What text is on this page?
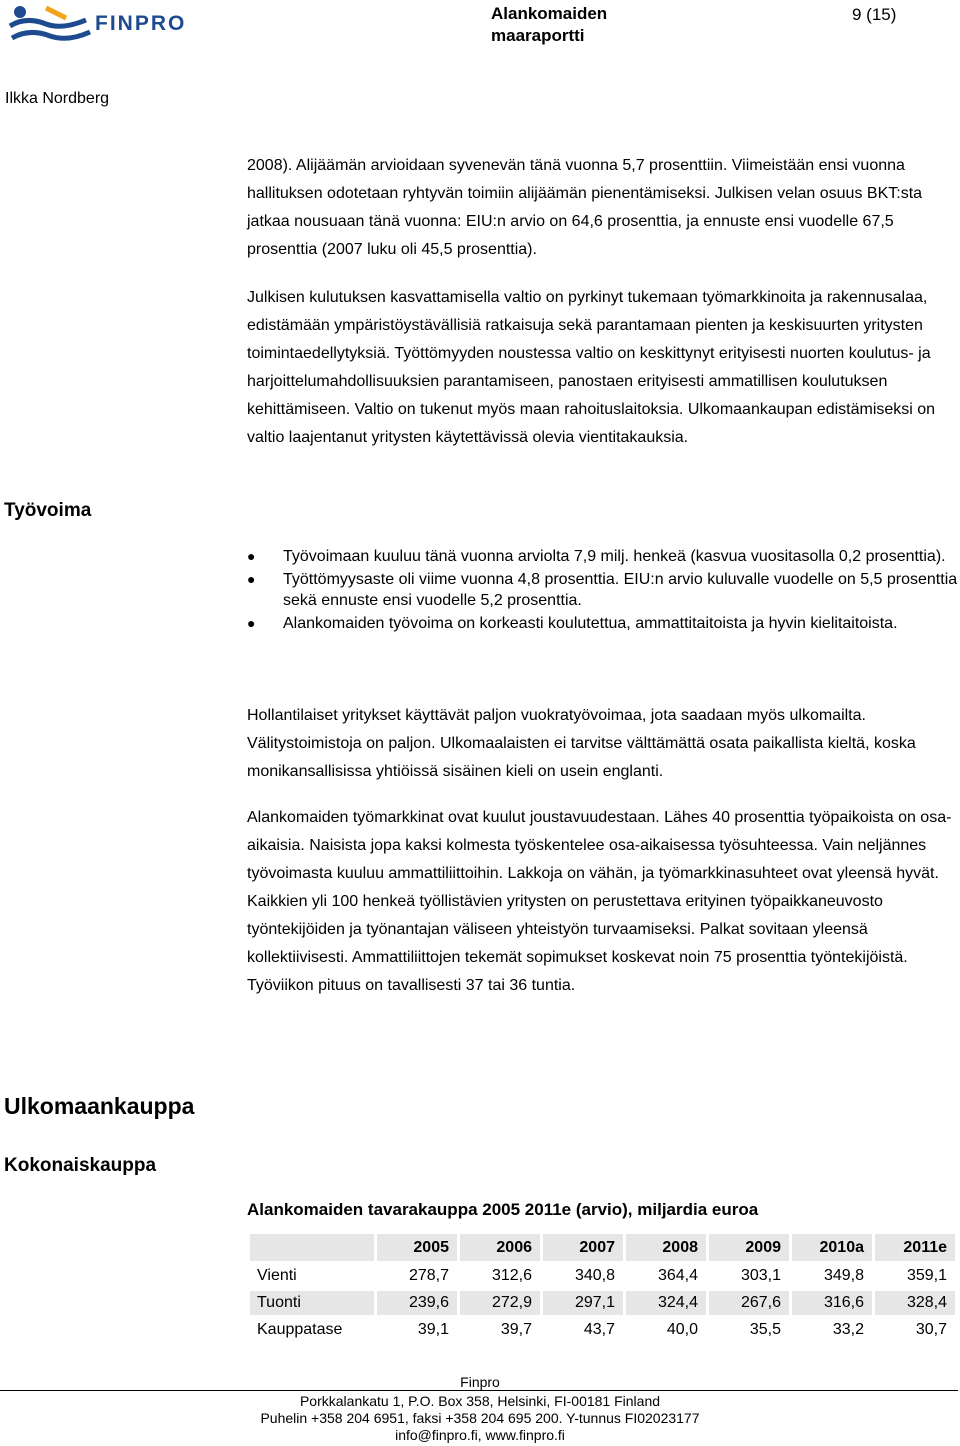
FINPRO	Alankomaiden
maaraportti
9 (15)
Ilkka Nordberg
2008). Alijäämän arvioidaan syvenevän tänä vuonna 5,7 prosenttiin. Viimeistään ensi vuonna hallituksen odotetaan ryhtyvän toimiin alijäämän pienentämiseksi. Julkisen velan osuus BKT:sta jatkaa nousuaan tänä vuonna: EIU:n arvio on 64,6 prosenttia, ja ennuste ensi vuodelle 67,5 prosenttia (2007 luku oli 45,5 prosenttia).
Julkisen kulutuksen kasvattamisella valtio on pyrkinyt tukemaan työmarkkinoita ja rakennusalaa, edistämään ympäristöystävällisiä ratkaisuja sekä parantamaan pienten ja keskisuurten yritysten toimintaedellytyksiä. Työttömyyden noustessa valtio on keskittynyt erityisesti nuorten koulutus- ja harjoittelumahdollisuuksien parantamiseen, panostaen erityisesti ammatillisen koulutuksen kehittämiseen. Valtio on tukenut myös maan rahoituslaitoksia. Ulkomaankaupan edistämiseksi on valtio laajentanut yritysten käytettävissä olevia vientitakauksia.
Työvoima
● Työvoimaan kuuluu tänä vuonna arviolta 7,9 milj. henkeä (kasvua vuositasolla 0,2 prosenttia).
● Työttömyysaste oli viime vuonna 4,8 prosenttia. EIU:n arvio kuluvalle vuodelle on 5,5 prosenttia sekä ennuste ensi vuodelle 5,2 prosenttia.
● Alankomaiden työvoima on korkeasti koulutettua, ammattitaitoista ja hyvin kielitaitoista.
Hollantilaiset yritykset käyttävät paljon vuokratyövoimaa, jota saadaan myös ulkomailta. Välitystoimistoja on paljon. Ulkomaalaisten ei tarvitse välttämättä osata paikallista kieltä, koska monikansallisissa yhtiöissä sisäinen kieli on usein englanti.
Alankomaiden työmarkkinat ovat kuulut joustavuudestaan. Lähes 40 prosenttia työpaikoista on osa-aikaisia. Naisista jopa kaksi kolmesta työskentelee osa-aikaisessa työsuhteessa. Vain neljännes työvoimasta kuuluu ammattiliittoihin. Lakkoja on vähän, ja työmarkkinasuhteet ovat yleensä hyvät. Kaikkien yli 100 henkeä työllistävien yritysten on perustettava erityinen työpaikkaneuvosto työntekijöiden ja työnantajan väliseen yhteistyön turvaamiseksi. Palkat sovitaan yleensä kollektiivisesti. Ammattiliittojen tekemät sopimukset koskevat noin 75 prosenttia työntekijöistä. Työviikon pituus on tavallisesti 37 tai 36 tuntia.
Ulkomaankauppa
Kokonaiskauppa
Alankomaiden tavarakauppa 2005 2011e (arvio), miljardia euroa
	2005	2006	2007	2008	2009	2010a	2011e
Vienti	278,7	312,6	340,8	364,4	303,1	349,8	359,1
Tuonti	239,6	272,9	297,1	324,4	267,6	316,6	328,4
Kauppatase	39,1	39,7	43,7	40,0	35,5	33,2	30,7
Finpro
Porkkalankatu 1, P.O. Box 358, Helsinki, FI-00181 Finland
Puhelin +358 204 6951, faksi +358 204 695 200. Y-tunnus FI02023177
info@finpro.fi, www.finpro.fi
